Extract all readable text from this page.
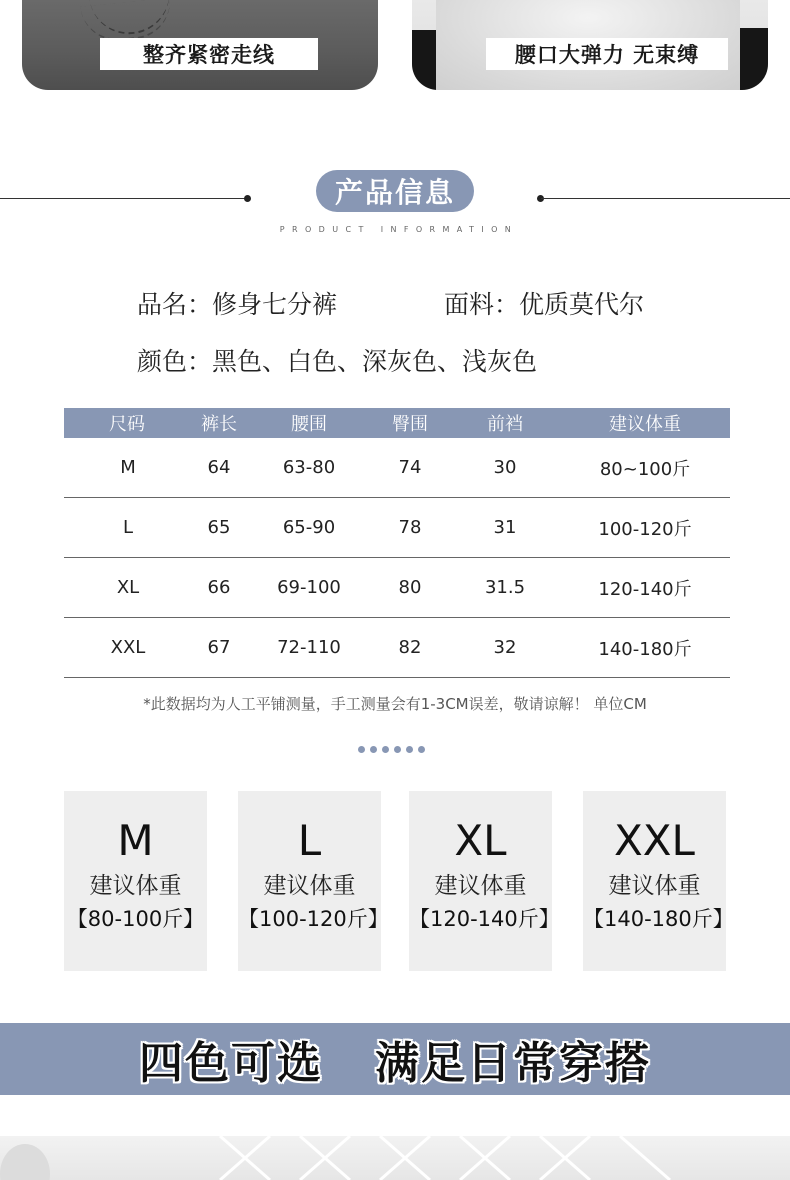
整齐紧密走线	腰口大弹力 无束缚
产品信息
PRODUCT INFORMATION
品名：修身七分裤	面料：优质莫代尔
颜色：黑色、白色、深灰色、浅灰色
尺码	裤长	腰围	臀围	前裆	建议体重
M	64	63-80	74	30	80~100斤
L	65	65-90	78	31	100-120斤
XL	66	69-100	80	31.5	120-140斤
XXL	67	72-110	82	32	140-180斤
*此数据均为人工平铺测量，手工测量会有1-3CM误差，敬请谅解！ 单位CM
M
建议体重
【80-100斤】
L
建议体重
【100-120斤】
XL
建议体重
【120-140斤】
XXL
建议体重
【140-180斤】
四色可选   满足日常穿搭
